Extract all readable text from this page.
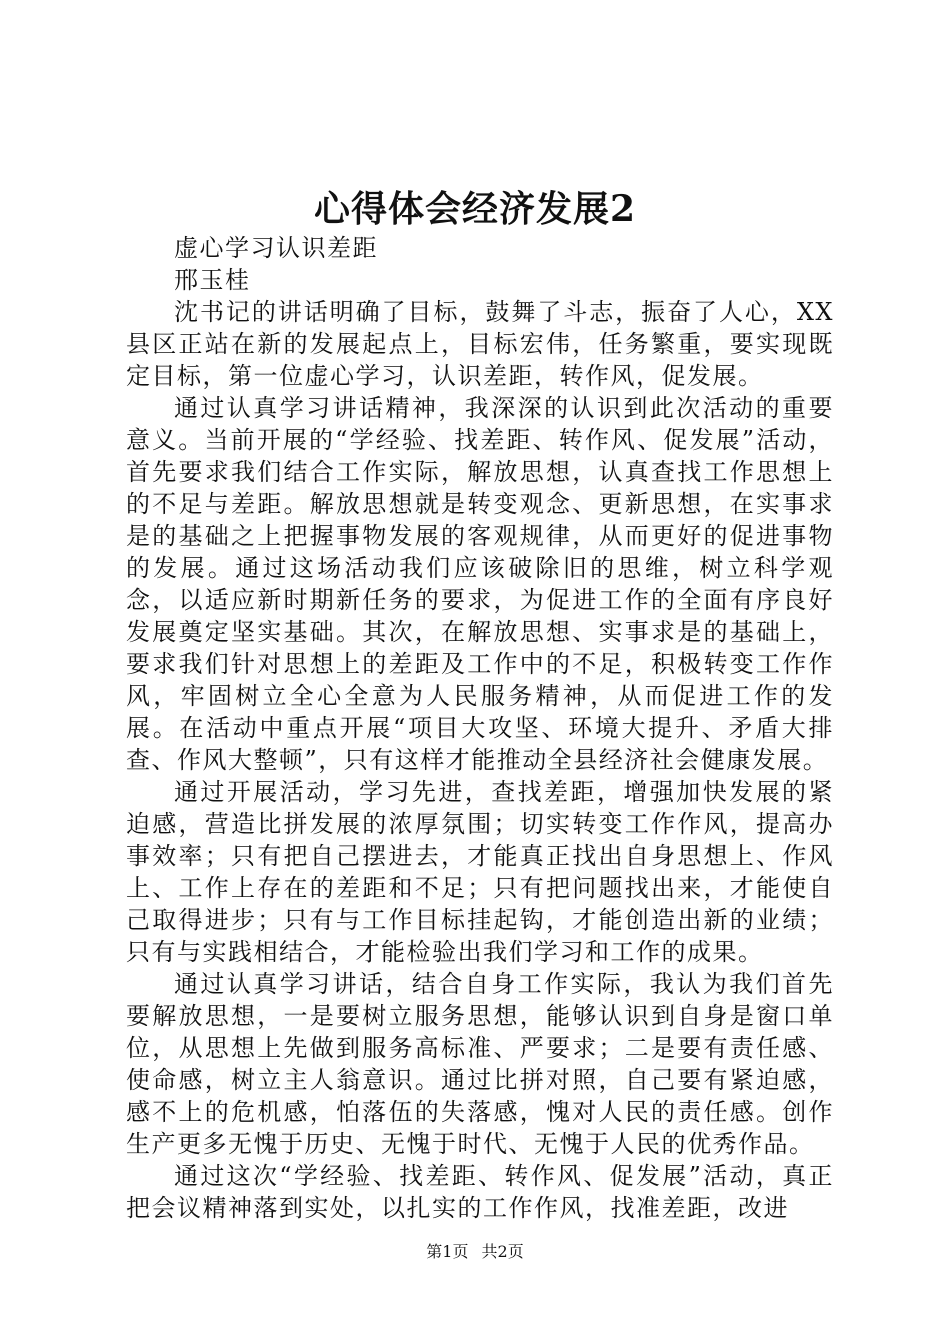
心得体会经济发展2

虚心学习认识差距

邢玉桂

沈书记的讲话明确了目标，鼓舞了斗志，振奋了人心，XX县区正站在新的发展起点上，目标宏伟，任务繁重，要实现既定目标，第一位虚心学习，认识差距，转作风，促发展。

通过认真学习讲话精神，我深深的认识到此次活动的重要意义。当前开展的“学经验、找差距、转作风、促发展”活动，首先要求我们结合工作实际，解放思想，认真查找工作思想上的不足与差距。解放思想就是转变观念、更新思想，在实事求是的基础之上把握事物发展的客观规律，从而更好的促进事物的发展。通过这场活动我们应该破除旧的思维，树立科学观念，以适应新时期新任务的要求，为促进工作的全面有序良好发展奠定坚实基础。其次，在解放思想、实事求是的基础上，要求我们针对思想上的差距及工作中的不足，积极转变工作作风，牢固树立全心全意为人民服务精神，从而促进工作的发展。在活动中重点开展“项目大攻坚、环境大提升、矛盾大排查、作风大整顿”，只有这样才能推动全县经济社会健康发展。

通过开展活动，学习先进，查找差距，增强加快发展的紧迫感，营造比拼发展的浓厚氛围；切实转变工作作风，提高办事效率；只有把自己摆进去，才能真正找出自身思想上、作风上、工作上存在的差距和不足；只有把问题找出来，才能使自己取得进步；只有与工作目标挂起钩，才能创造出新的业绩；只有与实践相结合，才能检验出我们学习和工作的成果。

通过认真学习讲话，结合自身工作实际，我认为我们首先要解放思想，一是要树立服务思想，能够认识到自身是窗口单位，从思想上先做到服务高标准、严要求；二是要有责任感、使命感，树立主人翁意识。通过比拼对照，自己要有紧迫感，感不上的危机感，怕落伍的失落感，愧对人民的责任感。创作生产更多无愧于历史、无愧于时代、无愧于人民的优秀作品。

通过这次“学经验、找差距、转作风、促发展”活动，真正把会议精神落到实处，以扎实的工作作风，找准差距，改进

第1页 共2页
